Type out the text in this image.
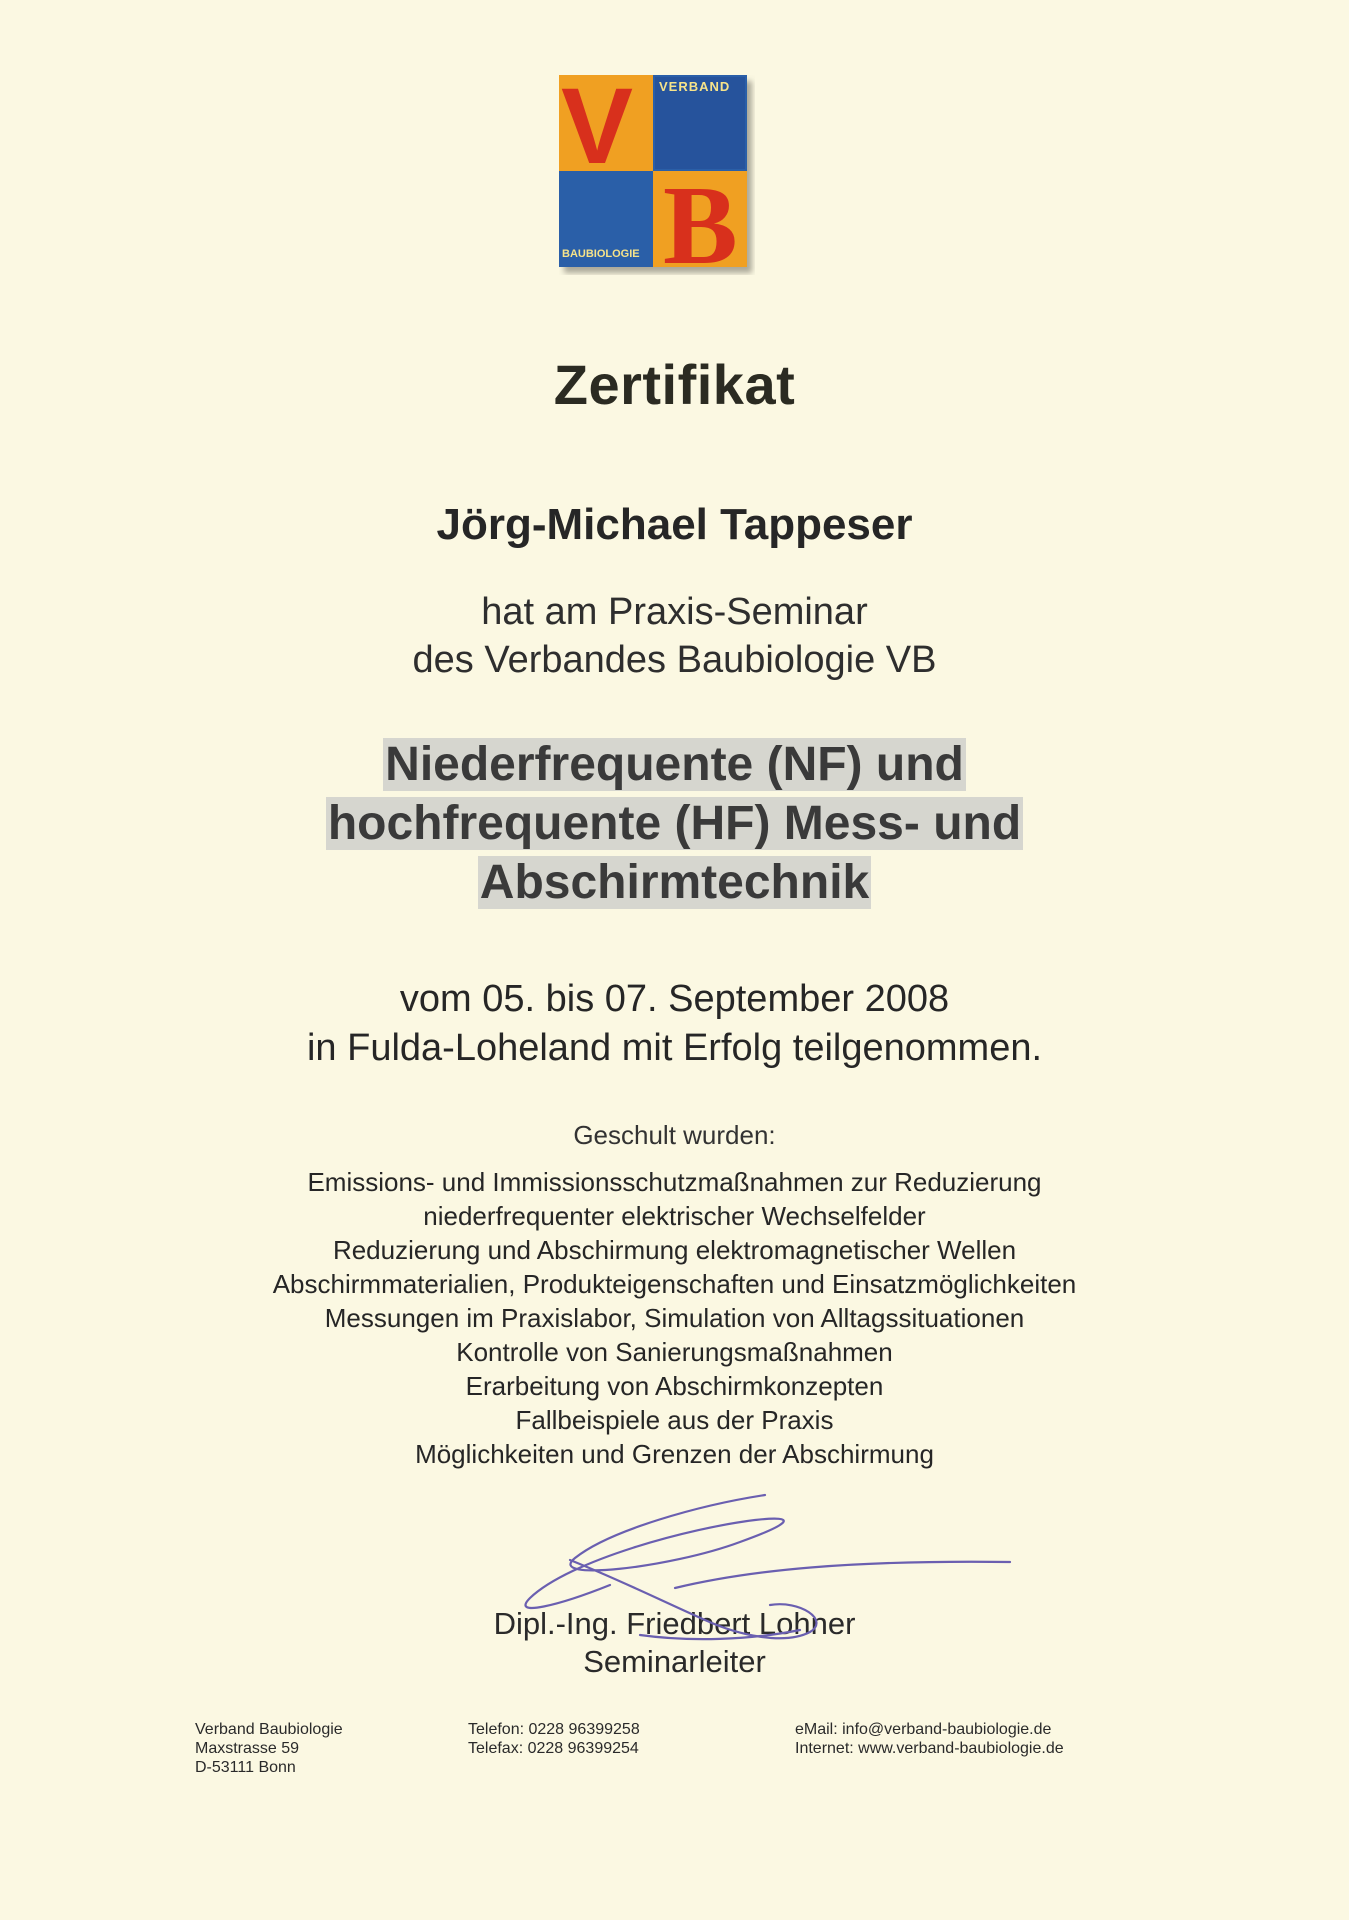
V
B
VERBAND
BAUBIOLOGIE
Zertifikat
Jörg-Michael Tappeser
hat am Praxis-Seminar
des Verbandes Baubiologie VB
Niederfrequente (NF) und
hochfrequente (HF) Mess- und
Abschirmtechnik
vom 05. bis 07. September 2008
in Fulda-Loheland mit Erfolg teilgenommen.
Geschult wurden:
Emissions- und Immissionsschutzmaßnahmen zur Reduzierung
niederfrequenter elektrischer Wechselfelder
Reduzierung und Abschirmung elektromagnetischer Wellen
Abschirmmaterialien, Produkteigenschaften und Einsatzmöglichkeiten
Messungen im Praxislabor, Simulation von Alltagssituationen
Kontrolle von Sanierungsmaßnahmen
Erarbeitung von Abschirmkonzepten
Fallbeispiele aus der Praxis
Möglichkeiten und Grenzen der Abschirmung
Dipl.-Ing. Friedbert Lohner
Seminarleiter
Verband Baubiologie
Maxstrasse 59
D-53111 Bonn
Telefon: 0228 96399258
Telefax: 0228 96399254
eMail: info@verband-baubiologie.de
Internet: www.verband-baubiologie.de
